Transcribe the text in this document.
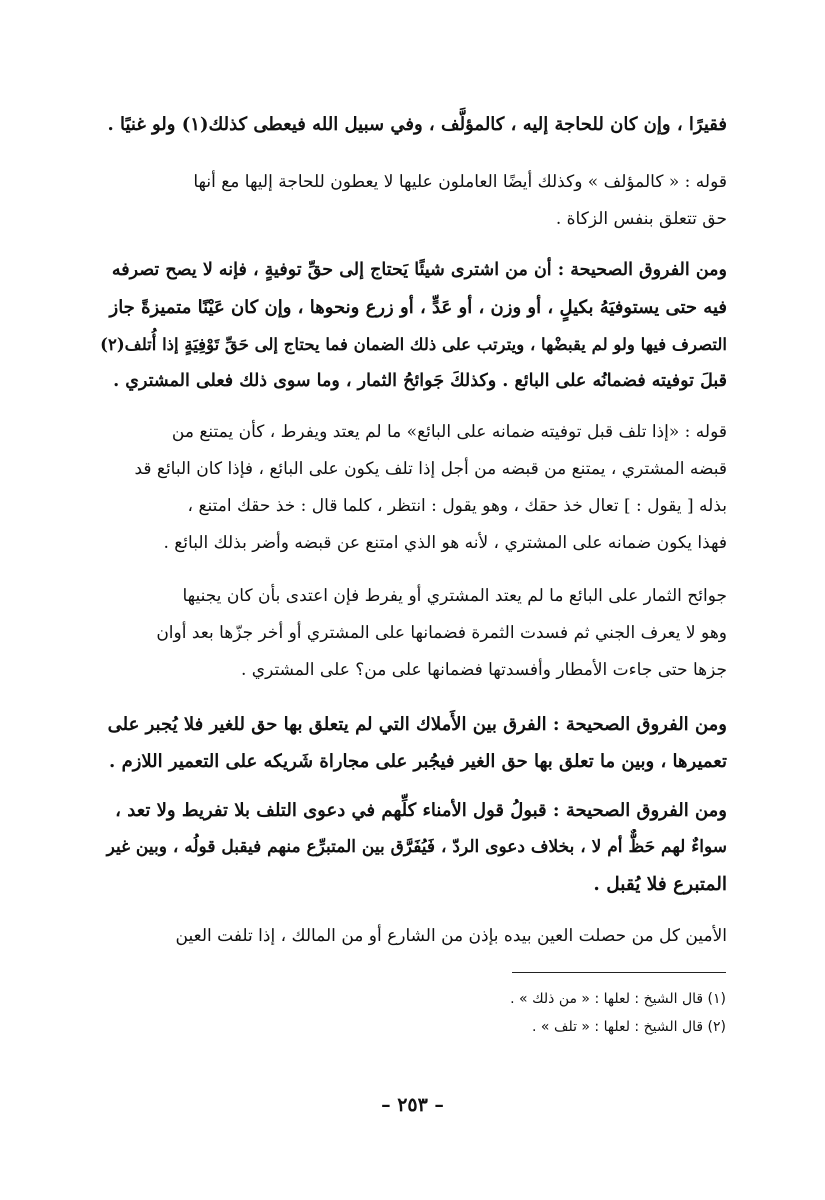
فقيرًا ، وإن كان للحاجة إليه ، كالمؤلَّف ، وفي سبيل الله فيعطى كذلك(١) ولو غنيًا .
قوله : « كالمؤلف » وكذلك أيضًا العاملون عليها لا يعطون للحاجة إليها مع أنها
حق تتعلق بنفس الزكاة .
ومن الفروق الصحيحة : أن من اشترى شيئًا يَحتاج إلى حقِّ توفيةٍ ، فإنه لا يصح تصرفه
فيه حتى يستوفيَهُ بكيلٍ ، أو وزن ، أو عَدٍّ ، أو زرع ونحوها ، وإن كان عَيْنًا متميزةً جاز
التصرف فيها ولو لم يقبضْها ، ويترتب على ذلك الضمان فما يحتاج إلى حَقِّ تَوْفِيَةٍ إذا أُتلف(٢)
قبلَ توفيته فضمانُه على البائع . وكذلكَ جَوائحُ الثمار ، وما سوى ذلك فعلى المشتري .
قوله : «إذا تلف قبل توفيته ضمانه على البائع» ما لم يعتد ويفرط ، كأن يمتنع من
قبضه المشتري ، يمتنع من قبضه من أجل إذا تلف يكون على البائع ، فإذا كان البائع قد
بذله [ يقول : ] تعال خذ حقك ، وهو يقول : انتظر ، كلما قال : خذ حقك امتنع ،
فهذا يكون ضمانه على المشتري ، لأنه هو الذي امتنع عن قبضه وأضر بذلك البائع .
جوائح الثمار على البائع ما لم يعتد المشتري أو يفرط فإن اعتدى بأن كان يجنيها
وهو لا يعرف الجني ثم فسدت الثمرة فضمانها على المشتري أو أخر جزّها بعد أوان
جزها حتى جاءت الأمطار وأفسدتها فضمانها على من؟ على المشتري .
ومن الفروق الصحيحة : الفرق بين الأَملاك التي لم يتعلق بها حق للغير فلا يُجبر على
تعميرها ، وبين ما تعلق بها حق الغير فيجُبر على مجاراة شَريكه على التعمير اللازم .
ومن الفروق الصحيحة : قبولُ قول الأمناء كلِّهم في دعوى التلف بلا تفريط ولا تعد ،
سواءٌ لهم حَظٌّ أم لا ، بخلاف دعوى الردّ ، فَيُفَرَّق بين المتبرِّع منهم فيقبل قولُه ، وبين غير
المتبرع فلا يُقبل .
الأمين كل من حصلت العين بيده بإذن من الشارع أو من المالك ، إذا تلفت العين
(١) قال الشيخ : لعلها : « من ذلك » .
(٢) قال الشيخ : لعلها : « تلف » .
– ٢٥٣ –
